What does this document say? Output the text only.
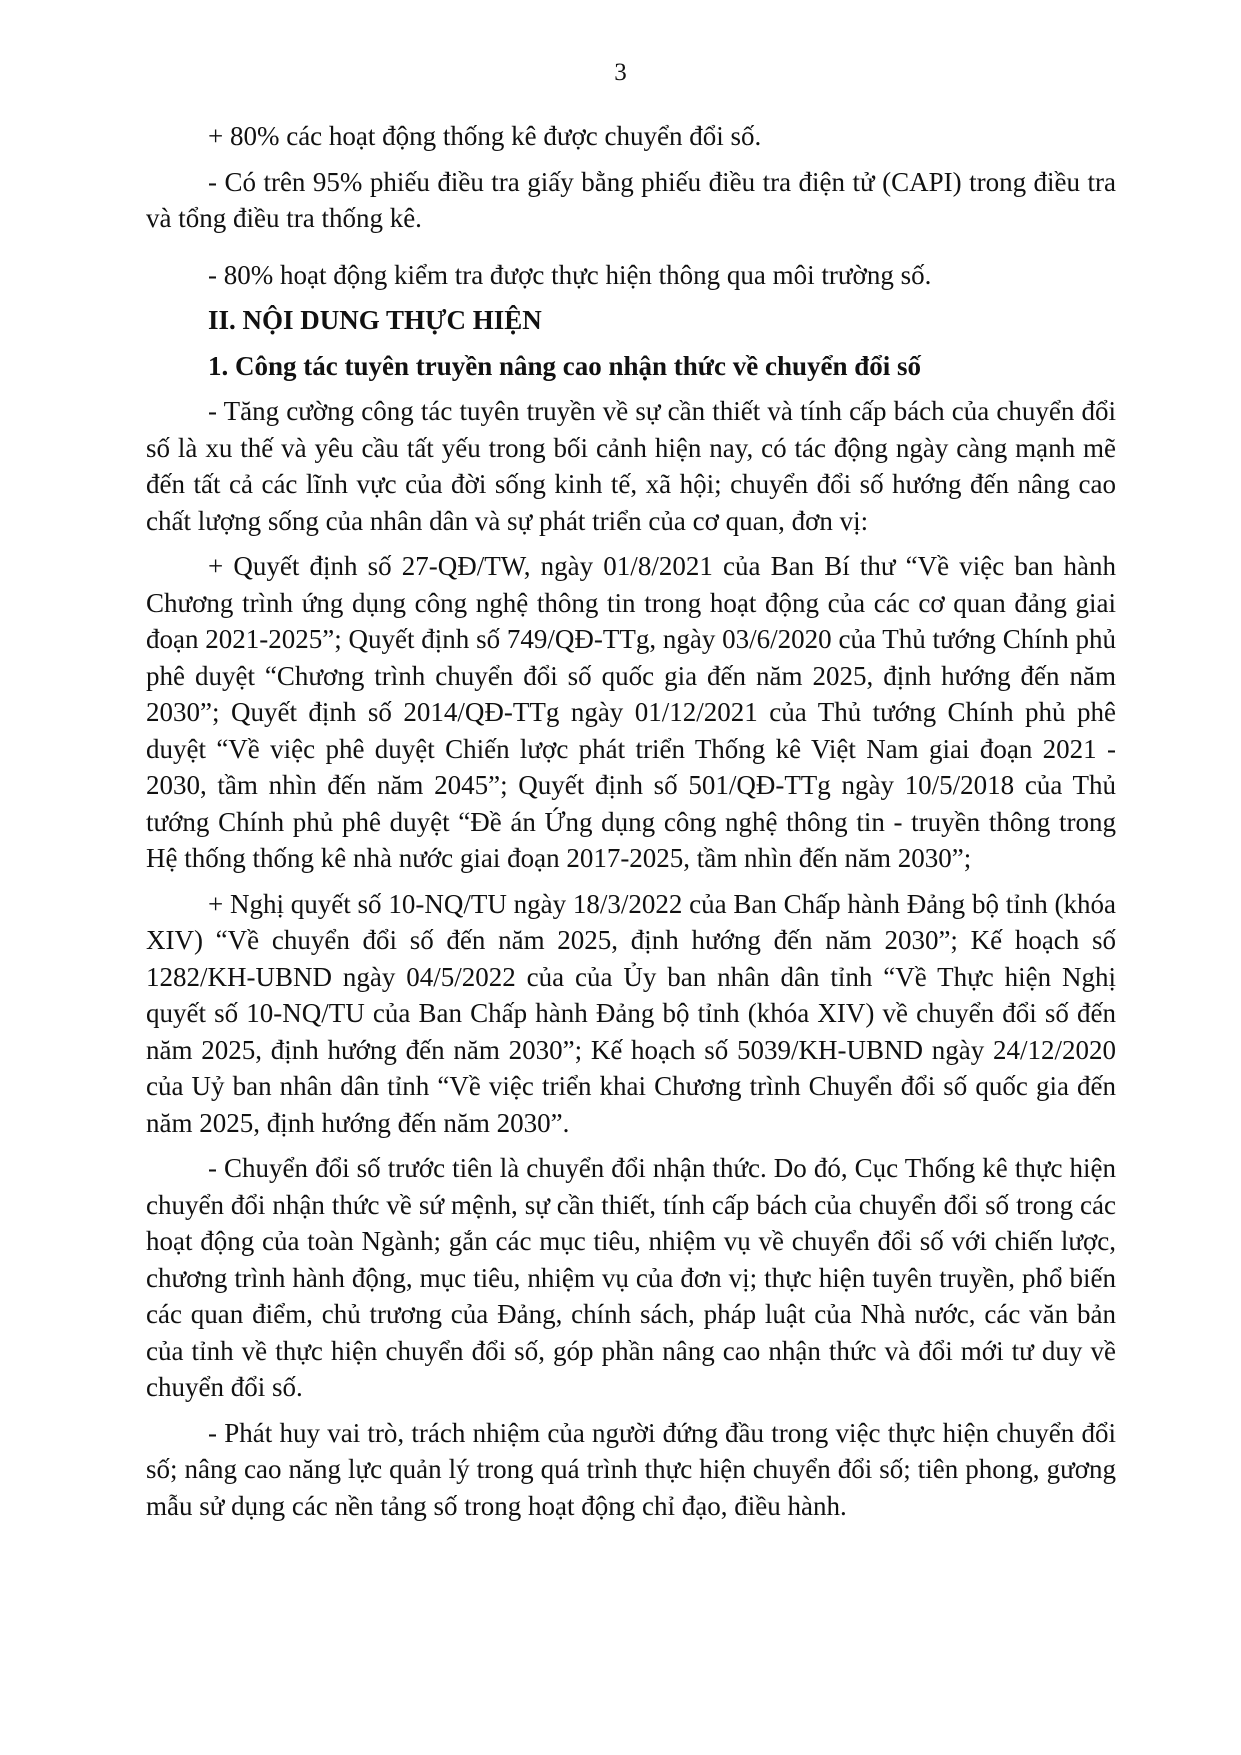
3

+ 80% các hoạt động thống kê được chuyển đổi số.

- Có trên 95% phiếu điều tra giấy bằng phiếu điều tra điện tử (CAPI) trong điều tra và tổng điều tra thống kê.

- 80% hoạt động kiểm tra được thực hiện thông qua môi trường số.

II. NỘI DUNG THỰC HIỆN

1. Công tác tuyên truyền nâng cao nhận thức về chuyển đổi số

- Tăng cường công tác tuyên truyền về sự cần thiết và tính cấp bách của chuyển đổi số là xu thế và yêu cầu tất yếu trong bối cảnh hiện nay, có tác động ngày càng mạnh mẽ đến tất cả các lĩnh vực của đời sống kinh tế, xã hội; chuyển đổi số hướng đến nâng cao chất lượng sống của nhân dân và sự phát triển của cơ quan, đơn vị:

+ Quyết định số 27-QĐ/TW, ngày 01/8/2021 của Ban Bí thư “Về việc ban hành Chương trình ứng dụng công nghệ thông tin trong hoạt động của các cơ quan đảng giai đoạn 2021-2025”; Quyết định số 749/QĐ-TTg, ngày 03/6/2020 của Thủ tướng Chính phủ phê duyệt “Chương trình chuyển đổi số quốc gia đến năm 2025, định hướng đến năm 2030”; Quyết định số 2014/QĐ-TTg ngày 01/12/2021 của Thủ tướng Chính phủ phê duyệt “Về việc phê duyệt Chiến lược phát triển Thống kê Việt Nam giai đoạn 2021 - 2030, tầm nhìn đến năm 2045”; Quyết định số 501/QĐ-TTg ngày 10/5/2018 của Thủ tướng Chính phủ phê duyệt “Đề án Ứng dụng công nghệ thông tin - truyền thông trong Hệ thống thống kê nhà nước giai đoạn 2017-2025, tầm nhìn đến năm 2030”;

+ Nghị quyết số 10-NQ/TU ngày 18/3/2022 của Ban Chấp hành Đảng bộ tỉnh (khóa XIV) “Về chuyển đổi số đến năm 2025, định hướng đến năm 2030”; Kế hoạch số 1282/KH-UBND ngày 04/5/2022 của của Ủy ban nhân dân tỉnh “Về Thực hiện Nghị quyết số 10-NQ/TU của Ban Chấp hành Đảng bộ tỉnh (khóa XIV) về chuyển đổi số đến năm 2025, định hướng đến năm 2030”; Kế hoạch số 5039/KH-UBND ngày 24/12/2020 của Uỷ ban nhân dân tỉnh “Về việc triển khai Chương trình Chuyển đổi số quốc gia đến năm 2025, định hướng đến năm 2030”.

- Chuyển đổi số trước tiên là chuyển đổi nhận thức. Do đó, Cục Thống kê thực hiện chuyển đổi nhận thức về sứ mệnh, sự cần thiết, tính cấp bách của chuyển đổi số trong các hoạt động của toàn Ngành; gắn các mục tiêu, nhiệm vụ về chuyển đổi số với chiến lược, chương trình hành động, mục tiêu, nhiệm vụ của đơn vị; thực hiện tuyên truyền, phổ biến các quan điểm, chủ trương của Đảng, chính sách, pháp luật của Nhà nước, các văn bản của tỉnh về thực hiện chuyển đổi số, góp phần nâng cao nhận thức và đổi mới tư duy về chuyển đổi số.

- Phát huy vai trò, trách nhiệm của người đứng đầu trong việc thực hiện chuyển đổi số; nâng cao năng lực quản lý trong quá trình thực hiện chuyển đổi số; tiên phong, gương mẫu sử dụng các nền tảng số trong hoạt động chỉ đạo, điều hành.
